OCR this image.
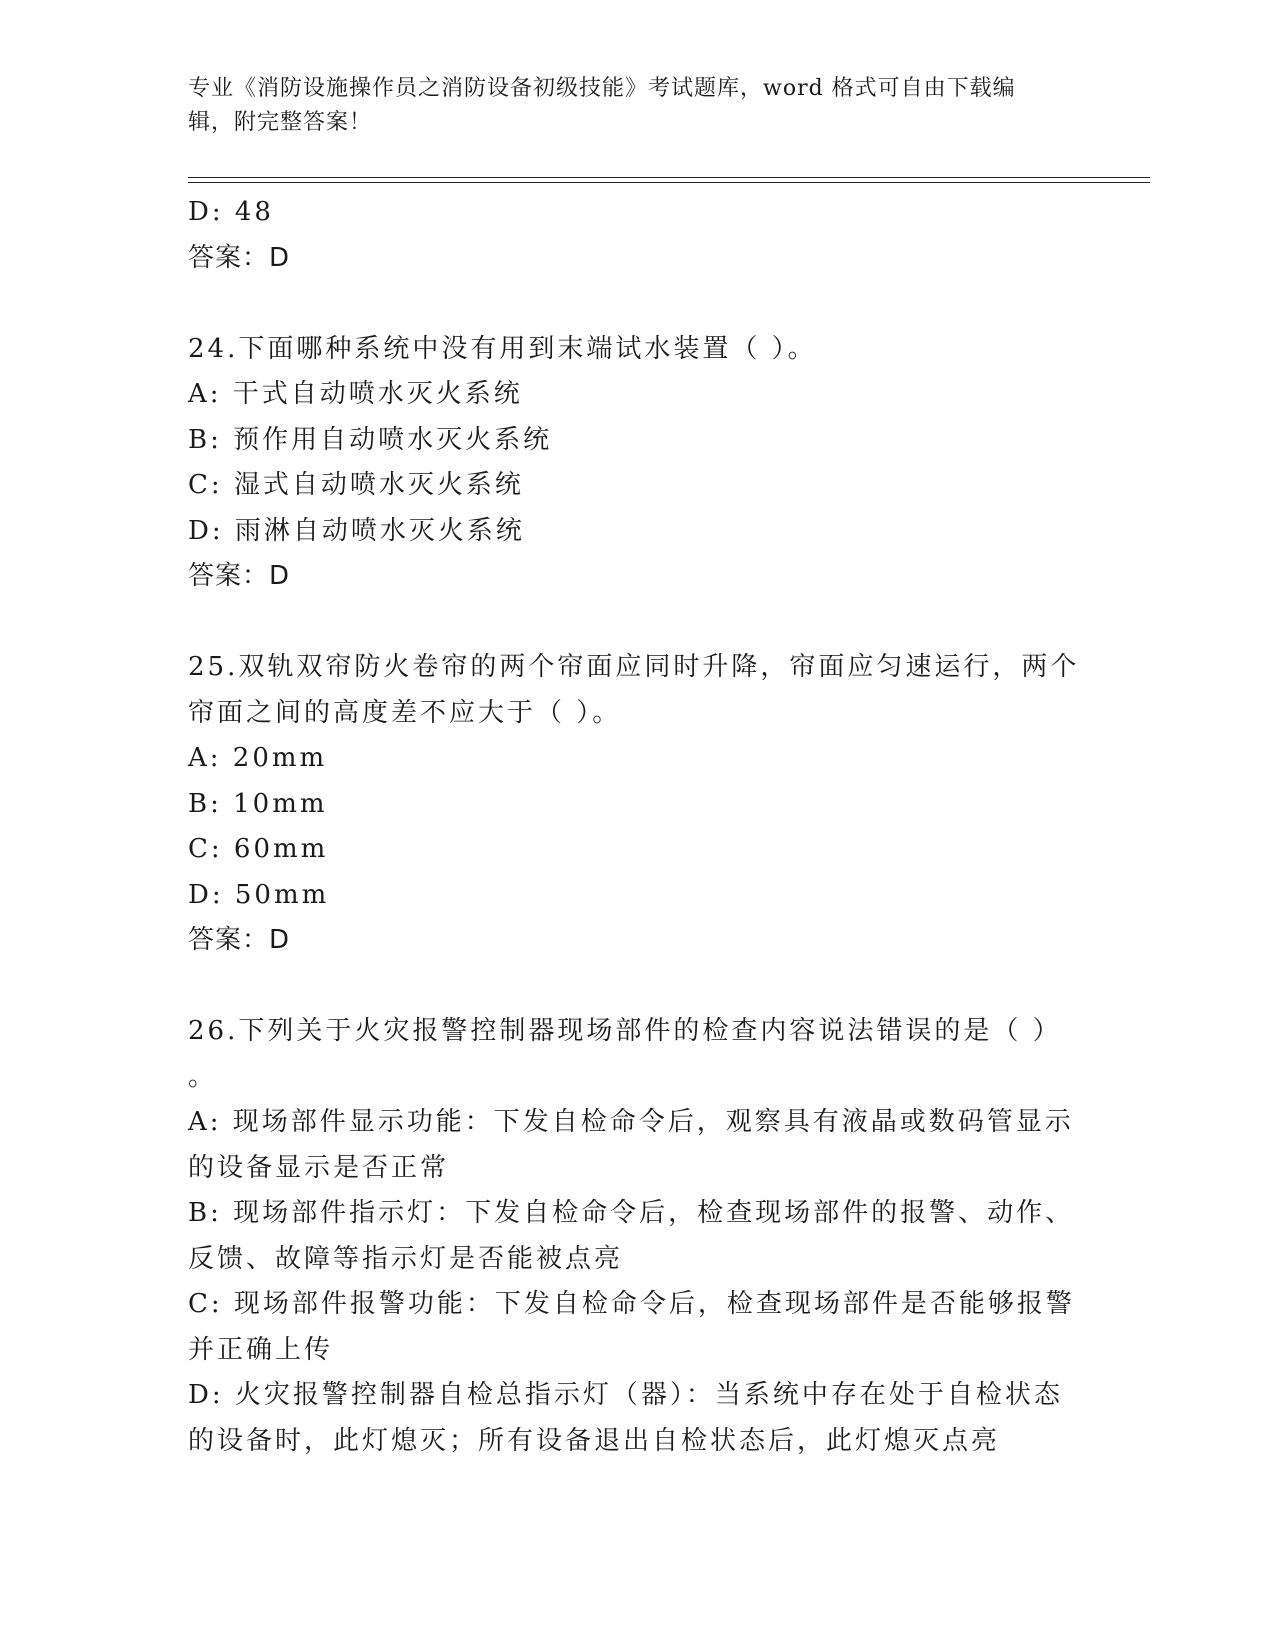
专业《消防设施操作员之消防设备初级技能》考试题库，word 格式可自由下载编
辑，附完整答案！
D: 48
答案：D
24.下面哪种系统中没有用到末端试水装置（ ）。
A: 干式自动喷水灭火系统
B: 预作用自动喷水灭火系统
C: 湿式自动喷水灭火系统
D: 雨淋自动喷水灭火系统
答案：D
25.双轨双帘防火卷帘的两个帘面应同时升降，帘面应匀速运行，两个
帘面之间的高度差不应大于（ ）。
A: 20mm
B: 10mm
C: 60mm
D: 50mm
答案：D
26.下列关于火灾报警控制器现场部件的检查内容说法错误的是（ ）
。
A: 现场部件显示功能：下发自检命令后，观察具有液晶或数码管显示
的设备显示是否正常
B: 现场部件指示灯：下发自检命令后，检查现场部件的报警、动作、
反馈、故障等指示灯是否能被点亮
C: 现场部件报警功能：下发自检命令后，检查现场部件是否能够报警
并正确上传
D: 火灾报警控制器自检总指示灯（器）：当系统中存在处于自检状态
的设备时，此灯熄灭；所有设备退出自检状态后，此灯熄灭点亮
